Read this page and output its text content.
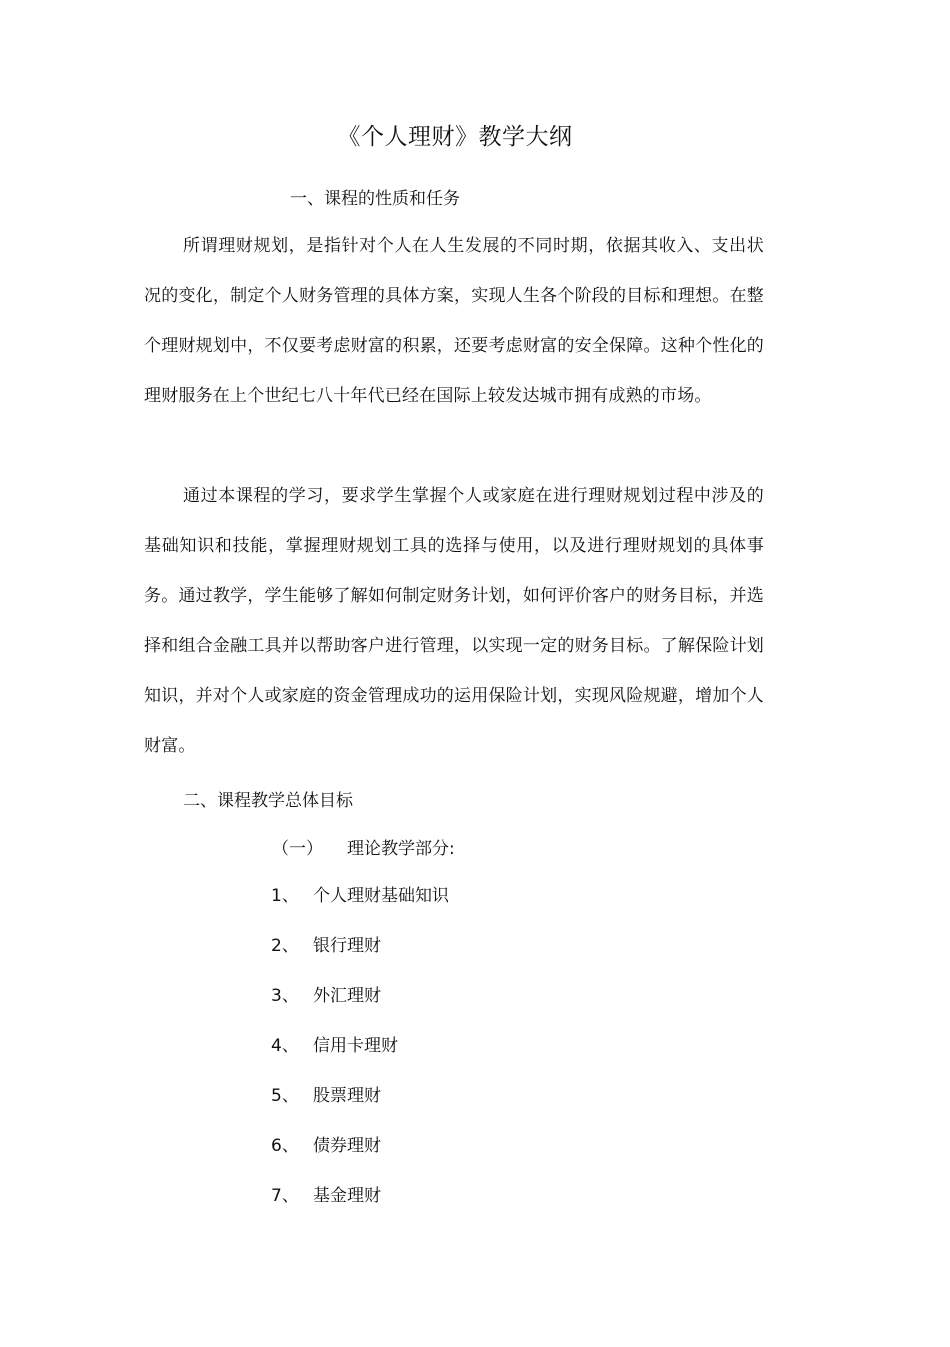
《个人理财》教学大纲
一、课程的性质和任务

所谓理财规划，是指针对个人在人生发展的不同时期，依据其收入、支出状况的变化，制定个人财务管理的具体方案，实现人生各个阶段的目标和理想。在整个理财规划中，不仅要考虑财富的积累，还要考虑财富的安全保障。这种个性化的理财服务在上个世纪七八十年代已经在国际上较发达城市拥有成熟的市场。

通过本课程的学习，要求学生掌握个人或家庭在进行理财规划过程中涉及的基础知识和技能，掌握理财规划工具的选择与使用，以及进行理财规划的具体事务。通过教学，学生能够了解如何制定财务计划，如何评价客户的财务目标，并选择和组合金融工具并以帮助客户进行管理，以实现一定的财务目标。了解保险计划知识，并对个人或家庭的资金管理成功的运用保险计划，实现风险规避，增加个人财富。

二、课程教学总体目标
（一） 理论教学部分:
1、 个人理财基础知识
2、 银行理财
3、 外汇理财
4、 信用卡理财
5、 股票理财
6、 债券理财
7、 基金理财
